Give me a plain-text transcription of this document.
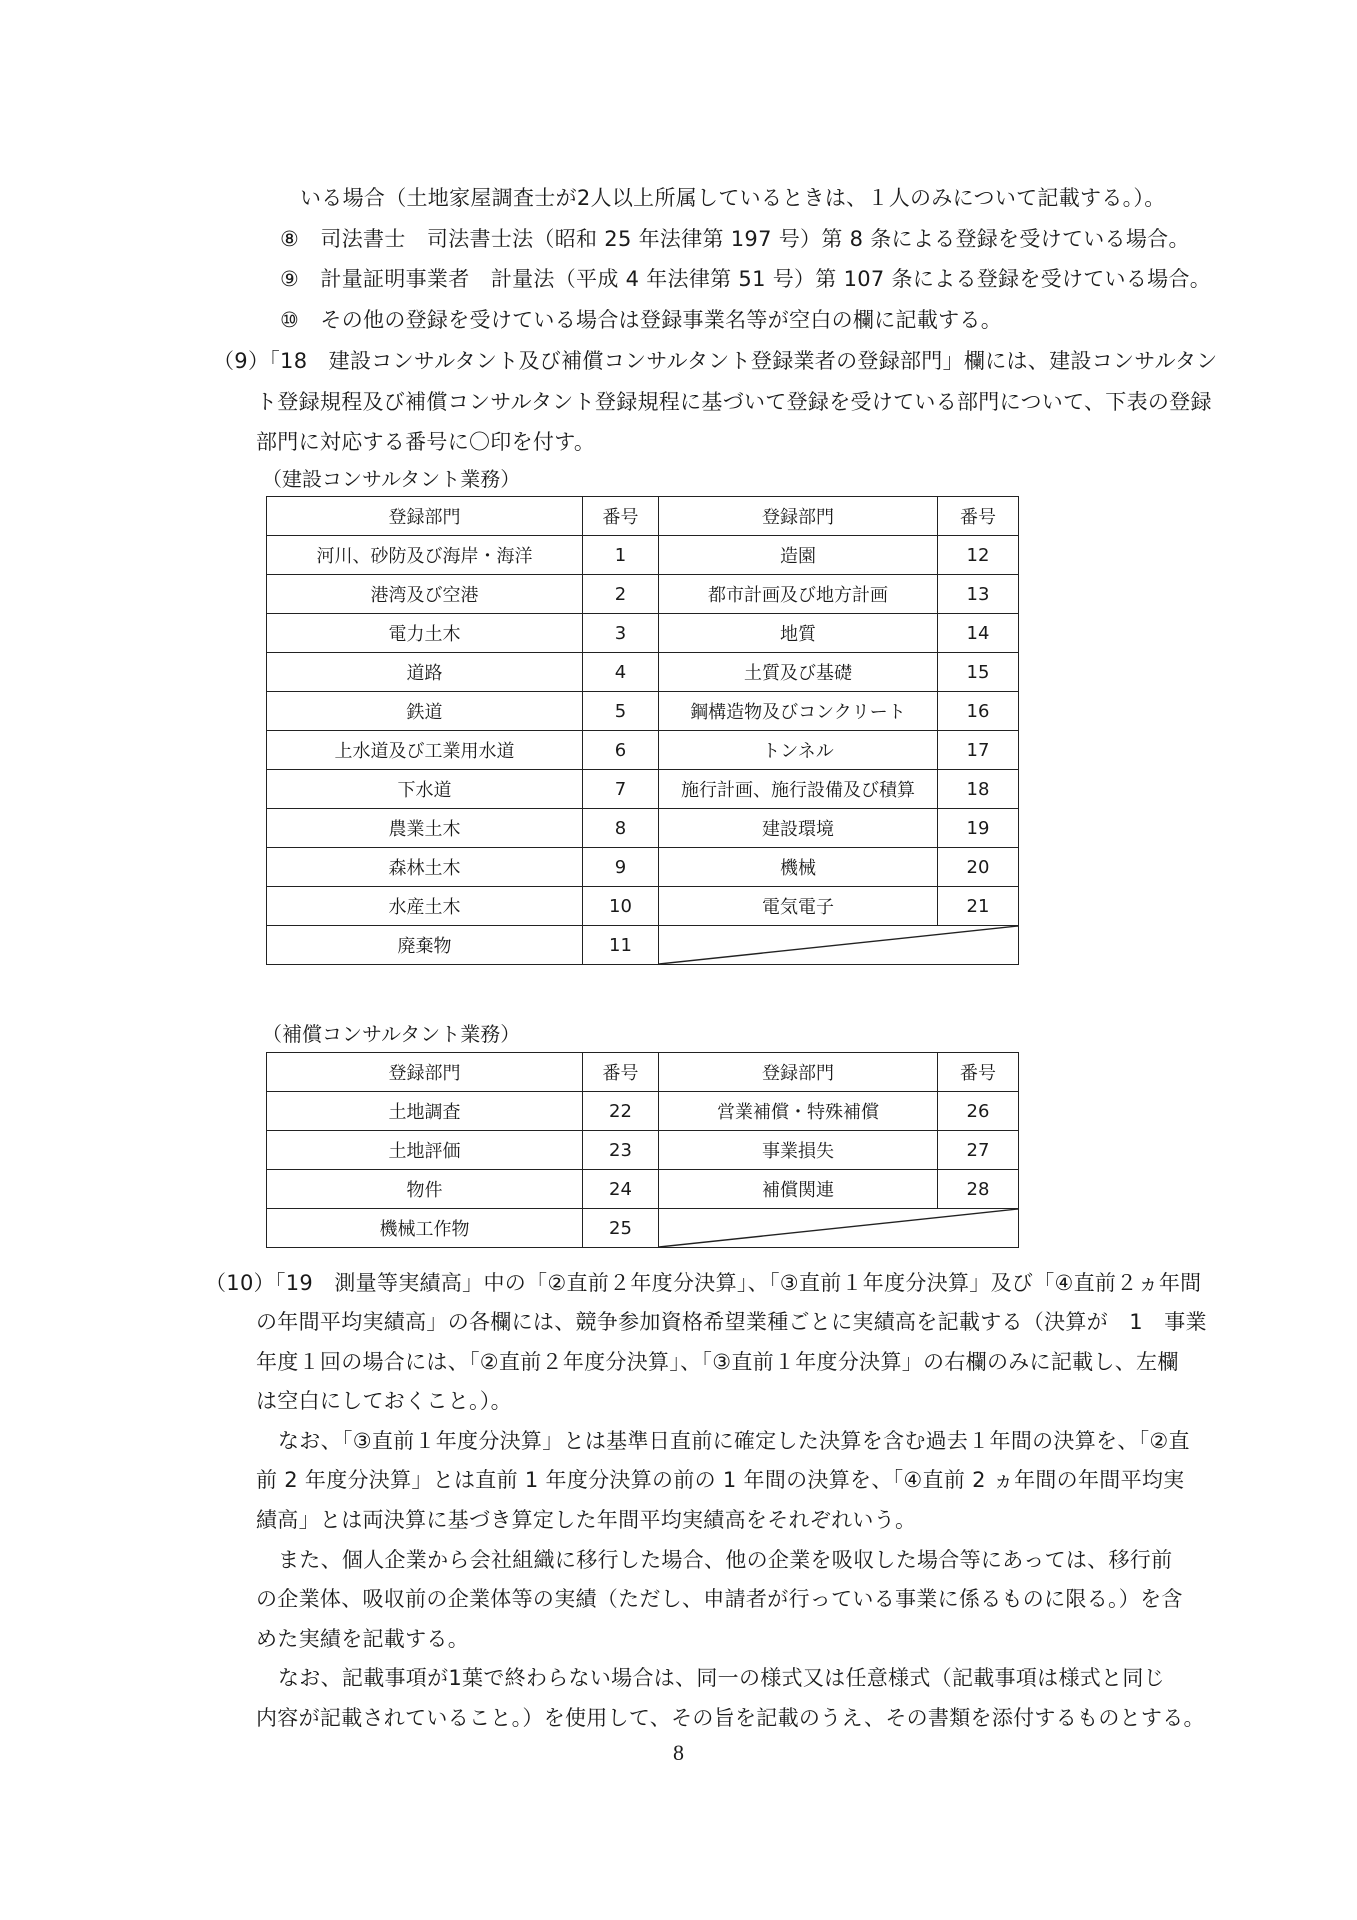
いる場合（土地家屋調査士が2人以上所属しているときは、１人のみについて記載する。）。
⑧　司法書士　司法書士法（昭和 25 年法律第 197 号）第 8 条による登録を受けている場合。
⑨　計量証明事業者　計量法（平成 4 年法律第 51 号）第 107 条による登録を受けている場合。
⑩　その他の登録を受けている場合は登録事業名等が空白の欄に記載する。
（9）「18　建設コンサルタント及び補償コンサルタント登録業者の登録部門」欄には、建設コンサルタン
ト登録規程及び補償コンサルタント登録規程に基づいて登録を受けている部門について、下表の登録
部門に対応する番号に〇印を付す。
（建設コンサルタント業務）
登録部門	番号	登録部門	番号
河川、砂防及び海岸・海洋	1	造園	12
港湾及び空港	2	都市計画及び地方計画	13
電力土木	3	地質	14
道路	4	土質及び基礎	15
鉄道	5	鋼構造物及びコンクリート	16
上水道及び工業用水道	6	トンネル	17
下水道	7	施行計画、施行設備及び積算	18
農業土木	8	建設環境	19
森林土木	9	機械	20
水産土木	10	電気電子	21
廃棄物	11	
（補償コンサルタント業務）
登録部門	番号	登録部門	番号
土地調査	22	営業補償・特殊補償	26
土地評価	23	事業損失	27
物件	24	補償関連	28
機械工作物	25	
（10）「19　測量等実績高」中の「②直前２年度分決算」、「③直前１年度分決算」及び「④直前２ヵ年間
の年間平均実績高」の各欄には、競争参加資格希望業種ごとに実績高を記載する（決算が　1　事業
年度１回の場合には、「②直前２年度分決算」、「③直前１年度分決算」の右欄のみに記載し、左欄
は空白にしておくこと。）。
なお、「③直前１年度分決算」とは基準日直前に確定した決算を含む過去１年間の決算を、「②直
前 2 年度分決算」とは直前 1 年度分決算の前の 1 年間の決算を、「④直前 2 ヵ年間の年間平均実
績高」とは両決算に基づき算定した年間平均実績高をそれぞれいう。
また、個人企業から会社組織に移行した場合、他の企業を吸収した場合等にあっては、移行前
の企業体、吸収前の企業体等の実績（ただし、申請者が行っている事業に係るものに限る。）を含
めた実績を記載する。
なお、記載事項が1葉で終わらない場合は、同一の様式又は任意様式（記載事項は様式と同じ
内容が記載されていること。）を使用して、その旨を記載のうえ、その書類を添付するものとする。
8
